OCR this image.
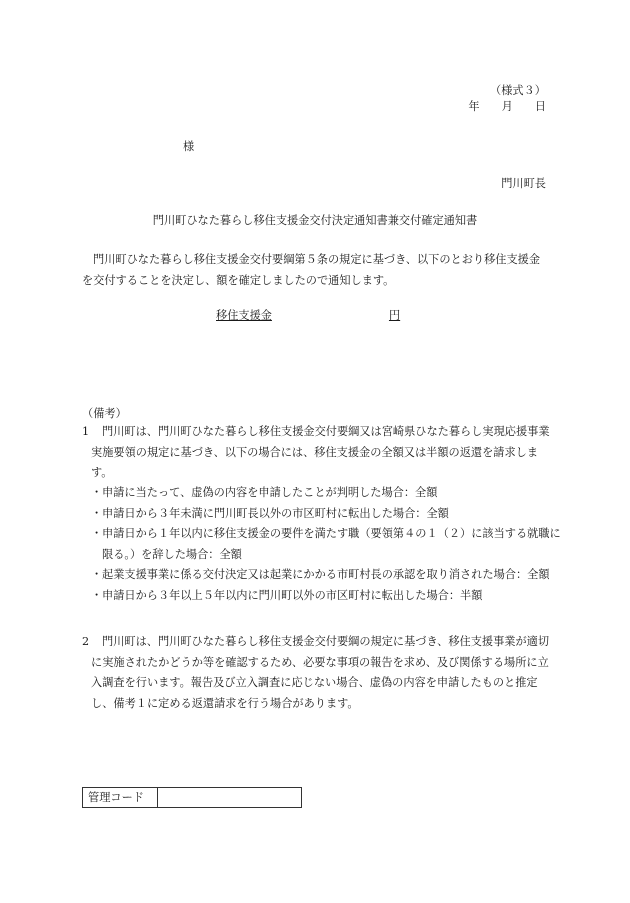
（様式３）
年 月 日
様
門川町長
門川町ひなた暮らし移住支援金交付決定通知書兼交付確定通知書
門川町ひなた暮らし移住支援金交付要綱第５条の規定に基づき、以下のとおり移住支援金を交付することを決定し、額を確定しましたので通知します。
移住支援金	円
（備考）
1	門川町は、門川町ひなた暮らし移住支援金交付要綱又は宮崎県ひなた暮らし実現応援事業実施要領の規定に基づき、以下の場合には、移住支援金の全額又は半額の返還を請求します。
・ 申請に当たって、虚偽の内容を申請したことが判明した場合：全額
・ 申請日から３年未満に門川町長以外の市区町村に転出した場合：全額
・ 申請日から１年以内に移住支援金の要件を満たす職（要領第４の１（２）に該当する就職に限る。）を辞した場合：全額
・ 起業支援事業に係る交付決定又は起業にかかる市町村長の承認を取り消された場合：全額
・ 申請日から３年以上５年以内に門川町以外の市区町村に転出した場合：半額
2	門川町は、門川町ひなた暮らし移住支援金交付要綱の規定に基づき、移住支援事業が適切に実施されたかどうか等を確認するため、必要な事項の報告を求め、及び関係する場所に立入調査を行います。報告及び立入調査に応じない場合、虚偽の内容を申請したものと推定し、備考１に定める返還請求を行う場合があります。
管理コード
